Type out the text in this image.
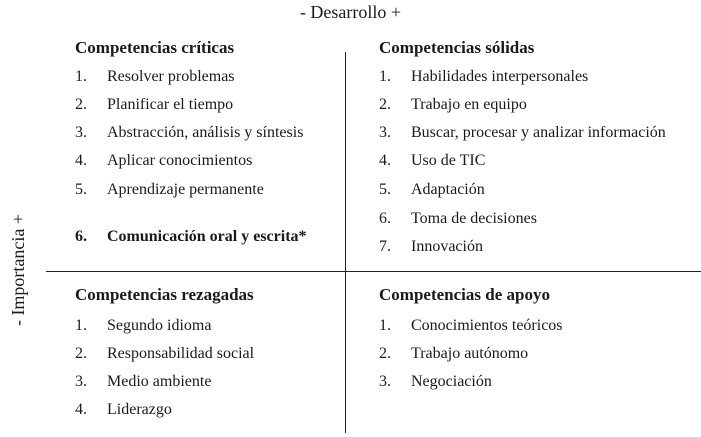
- Desarrollo +
- Importancia +
Competencias críticas
1. Resolver problemas
2. Planificar el tiempo
3. Abstracción, análisis y síntesis
4. Aplicar conocimientos
5. Aprendizaje permanente
6. Comunicación oral y escrita*
Competencias sólidas
1. Habilidades interpersonales
2. Trabajo en equipo
3. Buscar, procesar y analizar información
4. Uso de TIC
5. Adaptación
6. Toma de decisiones
7. Innovación
Competencias rezagadas
1. Segundo idioma
2. Responsabilidad social
3. Medio ambiente
4. Liderazgo
Competencias de apoyo
1. Conocimientos teóricos
2. Trabajo autónomo
3. Negociación
